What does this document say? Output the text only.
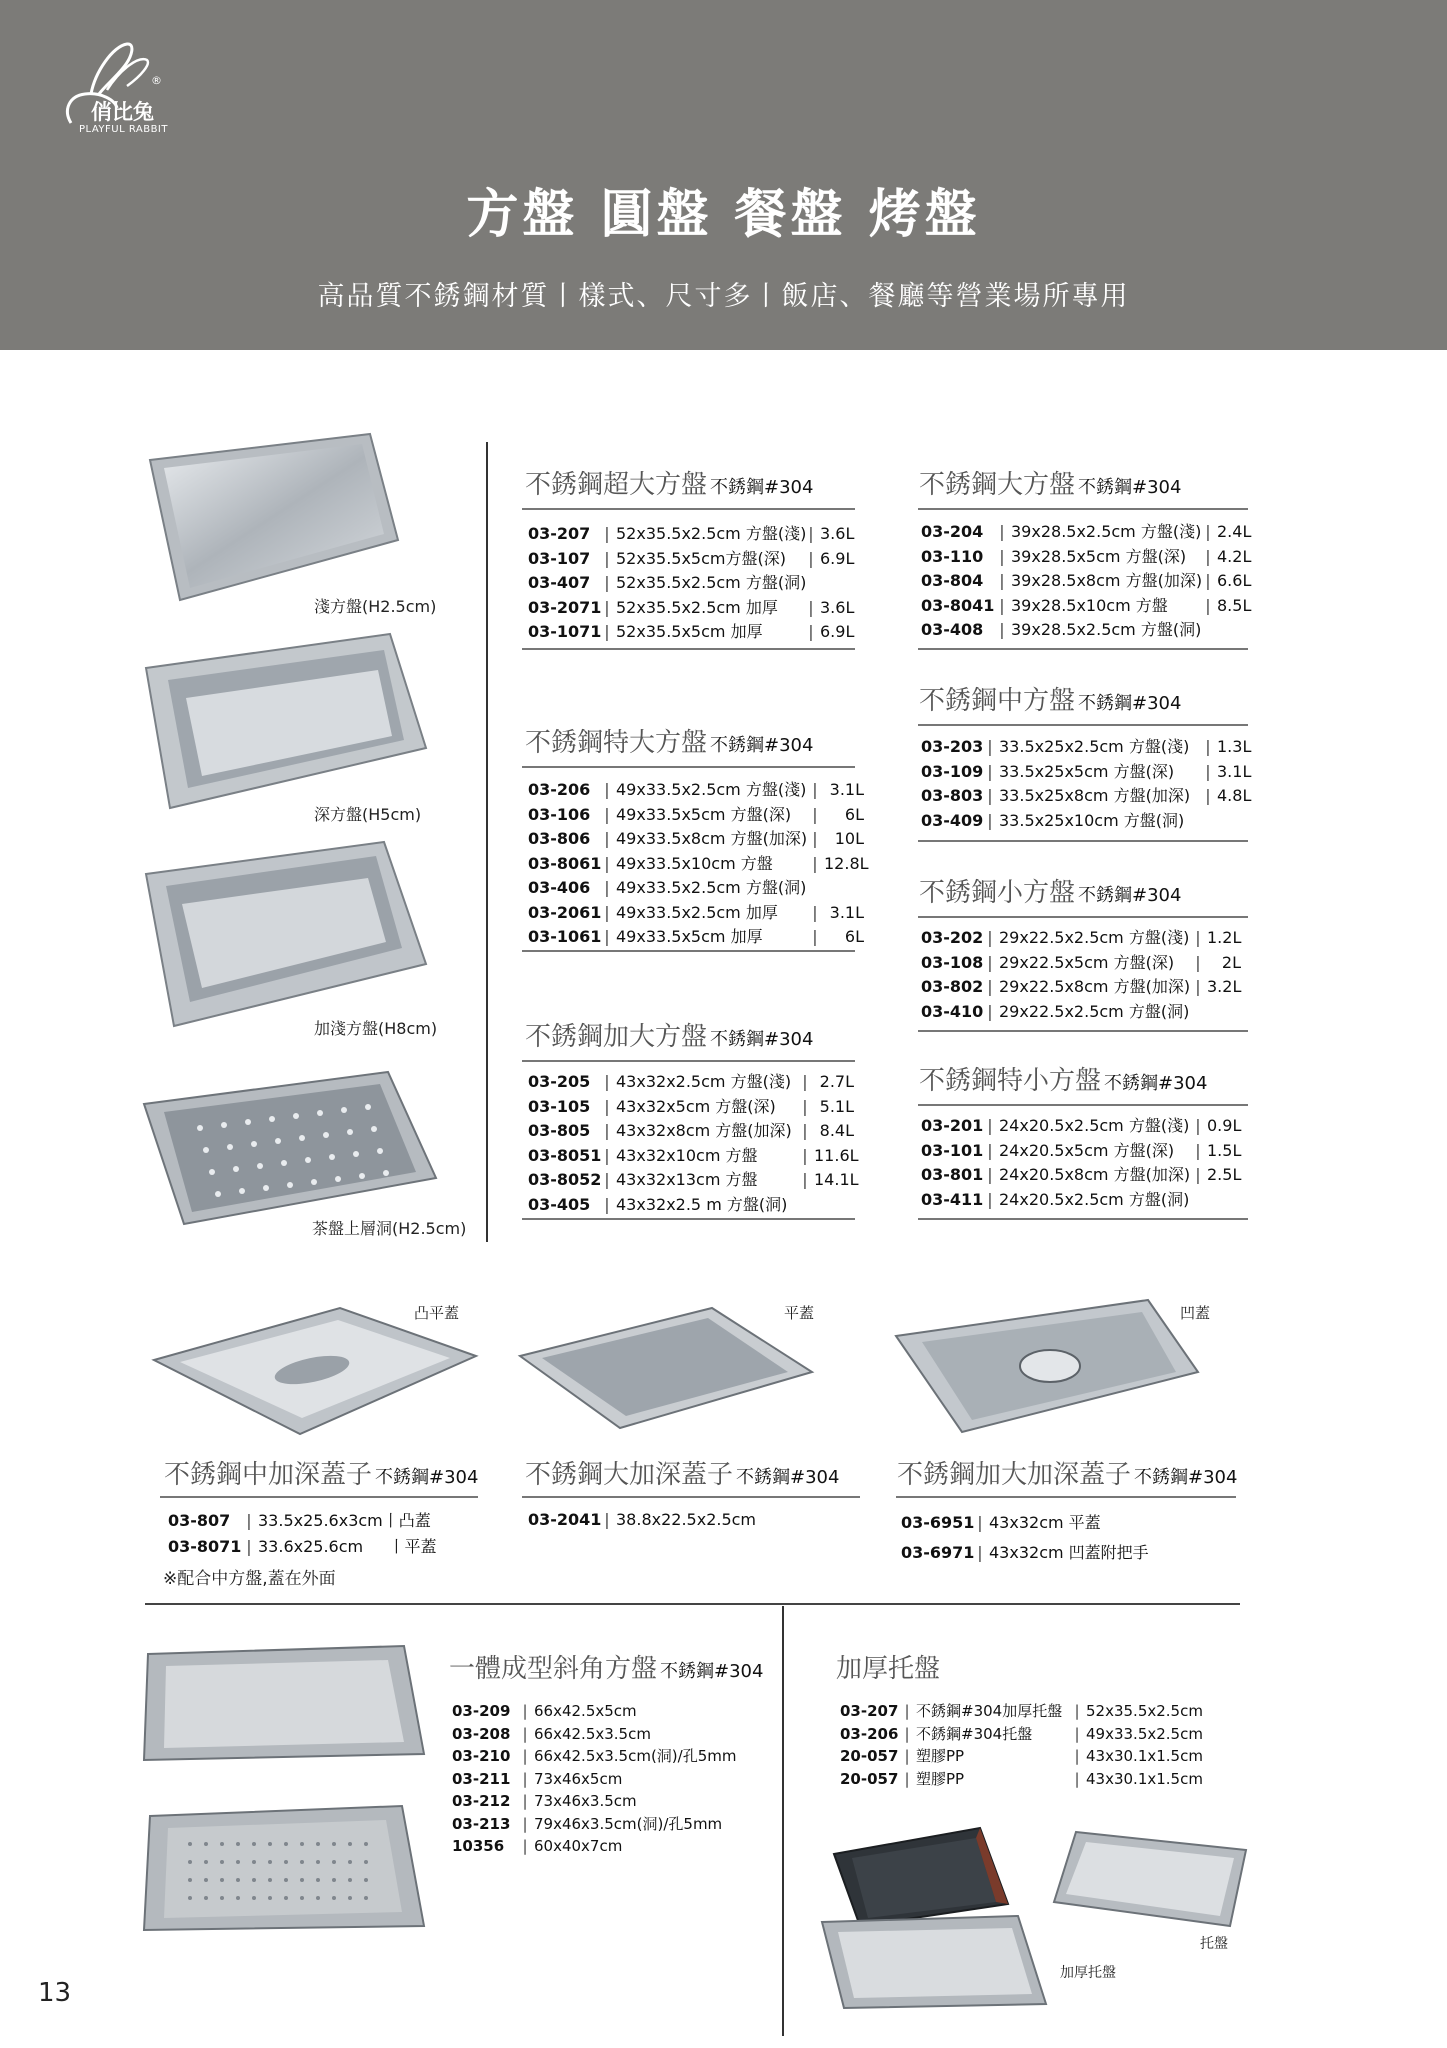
®
俏比兔
PLAYFUL RABBIT
方盤 圓盤 餐盤 烤盤
高品質不銹鋼材質丨樣式、尺寸多丨飯店、餐廳等營業場所專用
淺方盤(H2.5cm)
深方盤(H5cm)
加淺方盤(H8cm)
茶盤上層洞(H2.5cm)
不銹鋼超大方盤 不銹鋼#304
03-207 | 52x35.5x2.5cm 方盤(淺) | 3.6L
03-107 | 52x35.5x5cm方盤(深) | 6.9L
03-407 | 52x35.5x2.5cm 方盤(洞)
03-2071 | 52x35.5x2.5cm 加厚 | 3.6L
03-1071 | 52x35.5x5cm 加厚	| 6.9L
不銹鋼大方盤 不銹鋼#304
03-204 | 39x28.5x2.5cm 方盤(淺) | 2.4L
03-110 | 39x28.5x5cm 方盤(深) | 4.2L
03-804 | 39x28.5x8cm 方盤(加深) | 6.6L
03-8041 | 39x28.5x10cm 方盤 | 8.5L
03-408 | 39x28.5x2.5cm 方盤(洞)
不銹鋼中方盤 不銹鋼#304
03-203 | 33.5x25x2.5cm 方盤(淺) | 1.3L
03-109 | 33.5x25x5cm 方盤(深) | 3.1L
03-803 | 33.5x25x8cm 方盤(加深) | 4.8L
03-409 | 33.5x25x10cm 方盤(洞)
不銹鋼特大方盤 不銹鋼#304
03-206 | 49x33.5x2.5cm 方盤(淺) | 3.1L
03-106 | 49x33.5x5cm 方盤(深) | 6L
03-806 | 49x33.5x8cm 方盤(加深) | 10L
03-8061 | 49x33.5x10cm 方盤 | 12.8L
03-406 | 49x33.5x2.5cm 方盤(洞)
03-2061 | 49x33.5x2.5cm 加厚 | 3.1L
03-1061 | 49x33.5x5cm 加厚	| 6L
不銹鋼小方盤 不銹鋼#304
03-202 | 29x22.5x2.5cm 方盤(淺) | 1.2L
03-108 | 29x22.5x5cm 方盤(深) | 2L
03-802 | 29x22.5x8cm 方盤(加深) | 3.2L
03-410 | 29x22.5x2.5cm 方盤(洞)
不銹鋼加大方盤 不銹鋼#304
03-205 | 43x32x2.5cm 方盤(淺) | 2.7L
03-105 | 43x32x5cm 方盤(深) | 5.1L
03-805 | 43x32x8cm 方盤(加深) | 8.4L
03-8051 | 43x32x10cm 方盤	| 11.6L
03-8052 | 43x32x13cm 方盤	| 14.1L
03-405 | 43x32x2.5 m 方盤(洞)
不銹鋼特小方盤 不銹鋼#304
03-201 | 24x20.5x2.5cm 方盤(淺) | 0.9L
03-101 | 24x20.5x5cm 方盤(深) | 1.5L
03-801 | 24x20.5x8cm 方盤(加深) | 2.5L
03-411 | 24x20.5x2.5cm 方盤(洞)
凸平蓋	平蓋	凹蓋
不銹鋼中加深蓋子 不銹鋼#304
03-807 | 33.5x25.6x3cm丨凸蓋
03-8071 | 33.6x25.6cm     丨平蓋
※配合中方盤,蓋在外面
不銹鋼大加深蓋子 不銹鋼#304
03-2041 | 38.8x22.5x2.5cm
不銹鋼加大加深蓋子 不銹鋼#304
03-6951 | 43x32cm 平蓋
03-6971 | 43x32cm 凹蓋附把手
一體成型斜角方盤 不銹鋼#304
03-209 | 66x42.5x5cm
03-208 | 66x42.5x3.5cm
03-210 | 66x42.5x3.5cm(洞)/孔5mm
03-211 | 73x46x5cm
03-212 | 73x46x3.5cm
03-213 | 79x46x3.5cm(洞)/孔5mm
10356 | 60x40x7cm
加厚托盤
03-207 | 不銹鋼#304加厚托盤 | 52x35.5x2.5cm
03-206 | 不銹鋼#304托盤	| 49x33.5x2.5cm
20-057 | 塑膠PP	| 43x30.1x1.5cm
20-057 | 塑膠PP	| 43x30.1x1.5cm
托盤
加厚托盤
13
